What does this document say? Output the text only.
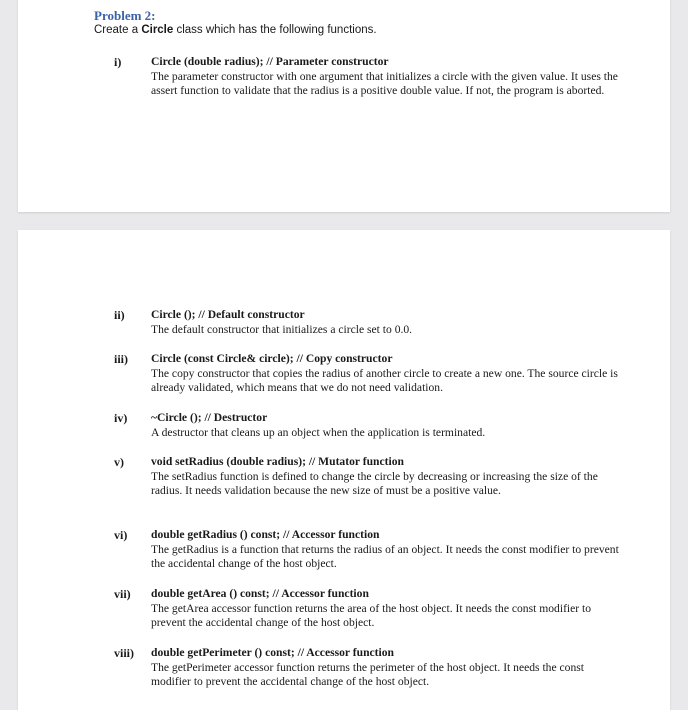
Problem 2:
Create a Circle class which has the following functions.
i)	Circle (double radius); // Parameter constructor
The parameter constructor with one argument that initializes a circle with the given value. It uses the assert function to validate that the radius is a positive double value. If not, the program is aborted.
ii) Circle (); // Default constructor
The default constructor that initializes a circle set to 0.0.
iii) Circle (const Circle& circle); // Copy constructor
The copy constructor that copies the radius of another circle to create a new one. The source circle is already validated, which means that we do not need validation.
iv) ~Circle (); // Destructor
A destructor that cleans up an object when the application is terminated.
v) void setRadius (double radius); // Mutator function
The setRadius function is defined to change the circle by decreasing or increasing the size of the radius. It needs validation because the new size of must be a positive value.
vi) double getRadius () const; // Accessor function
The getRadius is a function that returns the radius of an object. It needs the const modifier to prevent the accidental change of the host object.
vii) double getArea () const; // Accessor function
The getArea accessor function returns the area of the host object. It needs the const modifier to prevent the accidental change of the host object.
viii) double getPerimeter () const; // Accessor function
The getPerimeter accessor function returns the perimeter of the host object. It needs the const modifier to prevent the accidental change of the host object.
